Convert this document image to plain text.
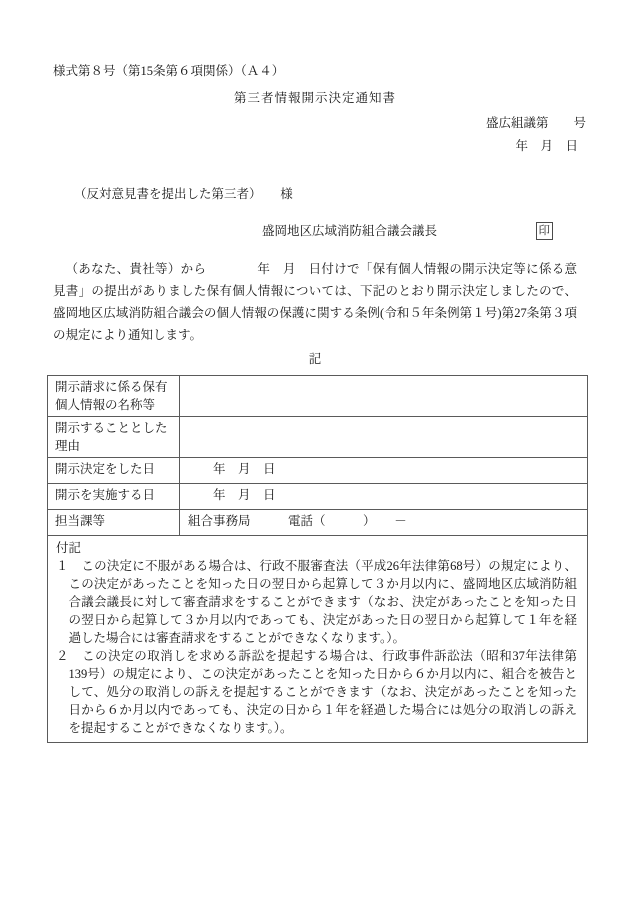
様式第８号（第15条第６項関係）（Ａ４）
第三者情報開示決定通知書
盛広組議第　　号
年　月　日
（反対意見書を提出した第三者）　　様
盛岡地区広域消防組合議会議長	印

（あなた、貴社等）から　　　　年　月　日付けで「保有個人情報の開示決定等に係る意見書」の提出がありました保有個人情報については、下記のとおり開示決定しましたので、盛岡地区広域消防組合議会の個人情報の保護に関する条例(令和５年条例第１号)第27条第３項の規定により通知します。

記
開示請求に係る保有個人情報の名称等	
開示することとした理由	
開示決定をした日	　　年　月　日
開示を実施する日	　　年　月　日
担当課等	組合事務局　　　電話（　　　）　　－

付記
１　この決定に不服がある場合は、行政不服審査法（平成26年法律第68号）の規定により、この決定があったことを知った日の翌日から起算して３か月以内に、盛岡地区広域消防組合議会議長に対して審査請求をすることができます（なお、決定があったことを知った日の翌日から起算して３か月以内であっても、決定があった日の翌日から起算して１年を経過した場合には審査請求をすることができなくなります。）。
２　この決定の取消しを求める訴訟を提起する場合は、行政事件訴訟法（昭和37年法律第 139号）の規定により、この決定があったことを知った日から６か月以内に、組合を被告として、処分の取消しの訴えを提起することができます（なお、決定があったことを知った日から６か月以内であっても、決定の日から１年を経過した場合には処分の取消しの訴えを提起することができなくなります。）。	
